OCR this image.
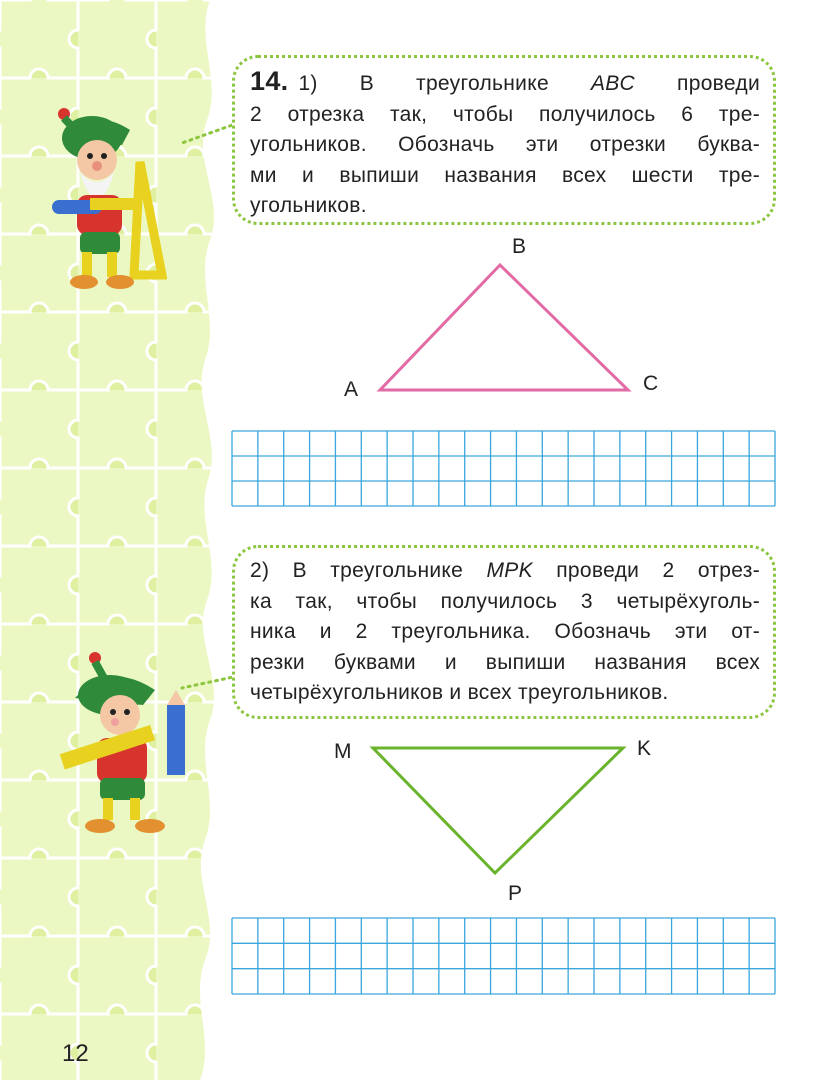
14. 1) В треугольнике ABC проведи
2 отрезка так, чтобы получилось 6 тре-
угольников. Обозначь эти отрезки буква-
ми и выпиши названия всех шести тре-
угольников.
A
B
C
2) В треугольнике MPK проведи 2 отрез-
ка так, чтобы получилось 3 четырёхуголь-
ника и 2 треугольника. Обозначь эти от-
резки буквами и выпиши названия всех
четырёхугольников и всех треугольников.
M	K
P
12
